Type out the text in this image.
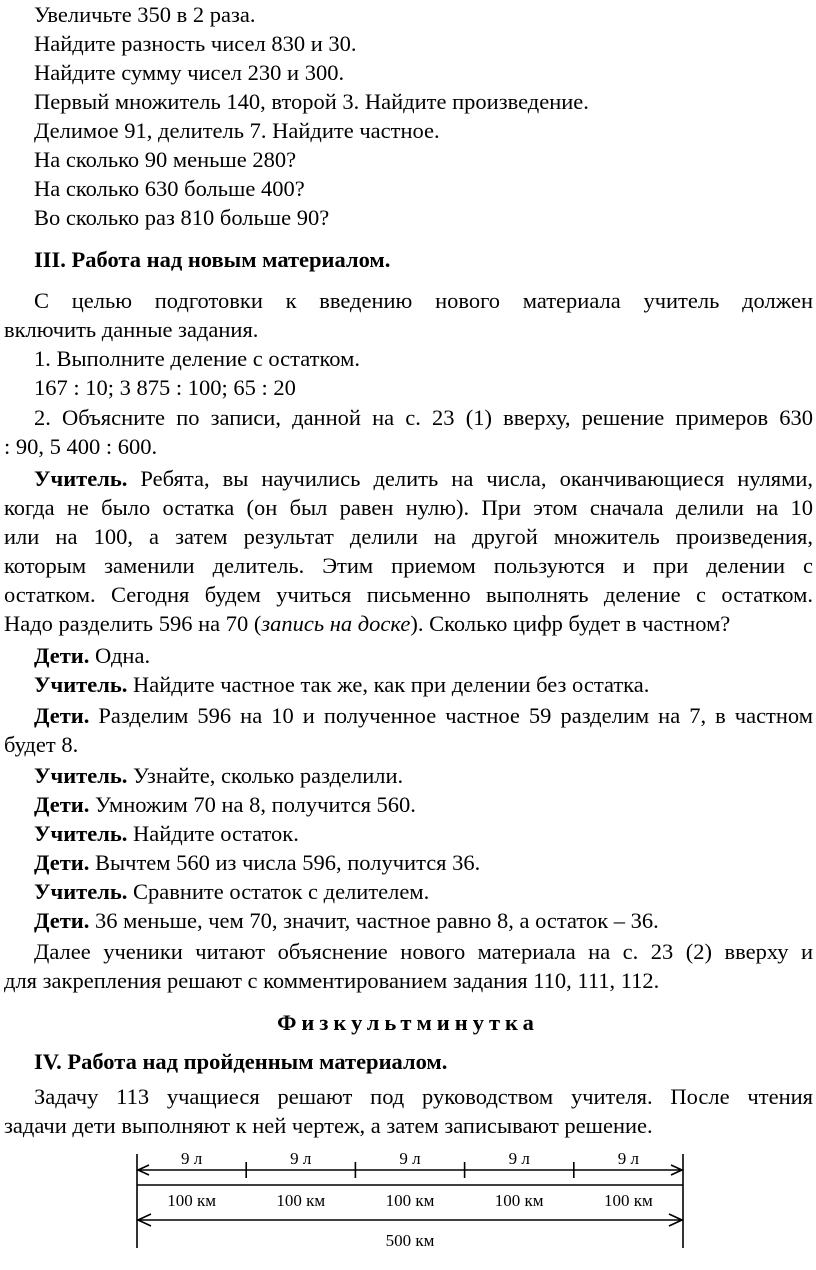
Увеличьте 350 в 2 раза.
Найдите разность чисел 830 и 30.
Найдите сумму чисел 230 и 300.
Первый множитель 140, второй 3. Найдите произведение.
Делимое 91, делитель 7. Найдите частное.
На сколько 90 меньше 280?
На сколько 630 больше 400?
Во сколько раз 810 больше 90?
III. Работа над новым материалом.
С целью подготовки к введению нового материала учитель должен
включить данные задания.
1. Выполните деление с остатком.
167 : 10; 3 875 : 100; 65 : 20
2. Объясните по записи, данной на с. 23 (1) вверху, решение примеров 630
: 90, 5 400 : 600.
Учитель. Ребята, вы научились делить на числа, оканчивающиеся нулями,
когда не было остатка (он был равен нулю). При этом сначала делили на 10
или на 100, а затем результат делили на другой множитель произведения,
которым заменили делитель. Этим приемом пользуются и при делении с
остатком. Сегодня будем учиться письменно выполнять деление с остатком.
Надо разделить 596 на 70 (запись на доске). Сколько цифр будет в частном?
Дети. Одна.
Учитель. Найдите частное так же, как при делении без остатка.
Дети. Разделим 596 на 10 и полученное частное 59 разделим на 7, в частном
будет 8.
Учитель. Узнайте, сколько разделили.
Дети. Умножим 70 на 8, получится 560.
Учитель. Найдите остаток.
Дети. Вычтем 560 из числа 596, получится 36.
Учитель. Сравните остаток с делителем.
Дети. 36 меньше, чем 70, значит, частное равно 8, а остаток – 36.
Далее ученики читают объяснение нового материала на с. 23 (2) вверху и
для закрепления решают с комментированием задания 110, 111, 112.
Физкультминутка
IV. Работа над пройденным материалом.
Задачу 113 учащиеся решают под руководством учителя. После чтения
задачи дети выполняют к ней чертеж, а затем записывают решение.
9 л
100 км
9 л
100 км
9 л
100 км
9 л
100 км
9 л
100 км
500 км
